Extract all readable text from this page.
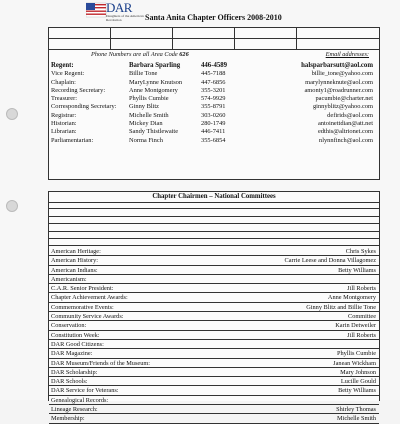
DAR
Daughters of the American Revolution	Santa Anita Chapter Officers 2008-2010
Phone Numbers are all Area Code 626	Email addresses:
Regent:	Barbara Sparling	446-4589	halsparbarsutt@aol.com
Vice Regent:	Billie Tone	445-7188	billie_tone@yahoo.com
Chaplain:	MaryLynne Knutson	447-6856	marylynneknute@aol.com
Recording Secretary:	Anne Montgomery	355-3201	amonty1@roadrunner.com
Treasurer:	Phyllis Cumbie	574-9929	pacumbie@charter.net
Corresponding Secretary: Ginny Blitz	355-8791	ginnyblitz@yahoo.com
Registrar:	Michelle Smith	303-0260	defirids@aol.com
Historian:	Mickey Dian	280-1749	antoinettdian@att.net
Librarian:	Sandy Thistlewaite	446-7411	edthis@altrionet.com
Parliamentarian:	Norma Finch	355-6854	nlynnfinch@aol.com
Chapter Chairmen – National Committees
American Heritage:	Chris Sykes
American History:	Carrie Leese and Donna Villagomez
American Indians:	Betty Williams
Americanism:
C.A.R. Senior President:	Jill Roberts
Chapter Achievement Awards:	Anne Montgomery
Commemorative Events:	Ginny Blitz and Billie Tone
Community Service Awards:	Committee
Conservation:	Karin Detweiler
Constitution Week:	Jill Roberts
DAR Good Citizens:
DAR Magazine:	Phyllis Cumbie
DAR Museum/Friends of the Museum:	Janean Wickham
DAR Scholarship:	Mary Johnson
DAR Schools:	Lucille Gould
DAR Service for Veterans:	Betty Williams
Genealogical Records:
Lineage Research:	Shirley Thomas
Membership:	Michelle Smith
